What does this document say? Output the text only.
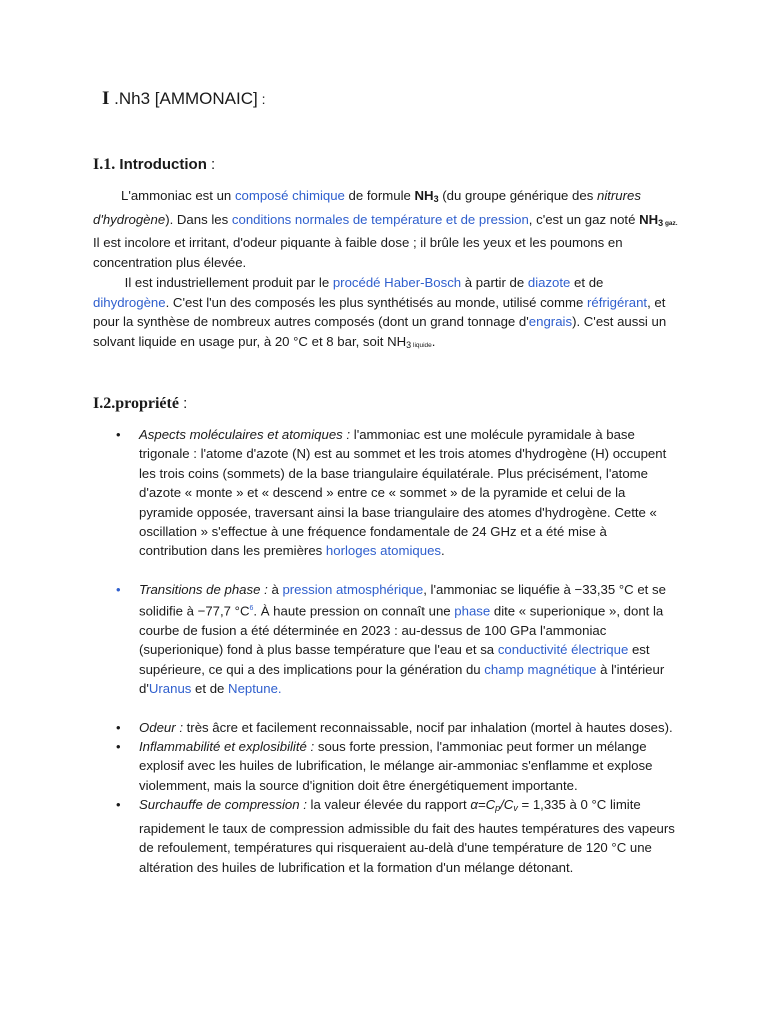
I .Nh3 [AMMONAIC] :
I.1. Introduction :
L'ammoniac est un composé chimique de formule $NH_3$ (du groupe générique des nitrures d'hydrogène). Dans les conditions normales de température et de pression, c'est un gaz noté $NH_3$ gaz. Il est incolore et irritant, d'odeur piquante à faible dose ; il brûle les yeux et les poumons en concentration plus élevée.
Il est industriellement produit par le procédé Haber-Bosch à partir de diazote et de dihydrogène. C'est l'un des composés les plus synthétisés au monde, utilisé comme réfrigérant, et pour la synthèse de nombreux autres composés (dont un grand tonnage d'engrais). C'est aussi un solvant liquide en usage pur, à 20 °C et 8 bar, soit $NH_3$ liquide.
I.2.propriété :
• Aspects moléculaires et atomiques : l'ammoniac est une molécule pyramidale à base trigonale : l'atome d'azote (N) est au sommet et les trois atomes d'hydrogène (H) occupent les trois coins (sommets) de la base triangulaire équilatérale. Plus précisément, l'atome d'azote « monte » et « descend » entre ce « sommet » de la pyramide et celui de la pyramide opposée, traversant ainsi la base triangulaire des atomes d'hydrogène. Cette « oscillation » s'effectue à une fréquence fondamentale de 24 GHz et a été mise à contribution dans les premières horloges atomiques.
• Transitions de phase : à pression atmosphérique, l'ammoniac se liquéfie à −33,35 °C et se solidifie à −77,7 $^\circ C^6$. À haute pression on connaît une phase dite « superionique », dont la courbe de fusion a été déterminée en 2023 : au-dessus de 100 GPa l'ammoniac (superionique) fond à plus basse température que l'eau et sa conductivité électrique est supérieure, ce qui a des implications pour la génération du champ magnétique à l'intérieur d'Uranus et de Neptune.
• Odeur : très âcre et facilement reconnaissable, nocif par inhalation (mortel à hautes doses).
• Inflammabilité et explosibilité : sous forte pression, l'ammoniac peut former un mélange explosif avec les huiles de lubrification, le mélange air-ammoniac s'enflamme et explose violemment, mais la source d'ignition doit être énergétiquement importante.
• Surchauffe de compression : la valeur élevée du rapport $\alpha=C_p/C_v = 1,335$ à 0 °C limite rapidement le taux de compression admissible du fait des hautes températures des vapeurs de refoulement, températures qui risqueraient au-delà d'une température de 120 °C une altération des huiles de lubrification et la formation d'un mélange détonant.
